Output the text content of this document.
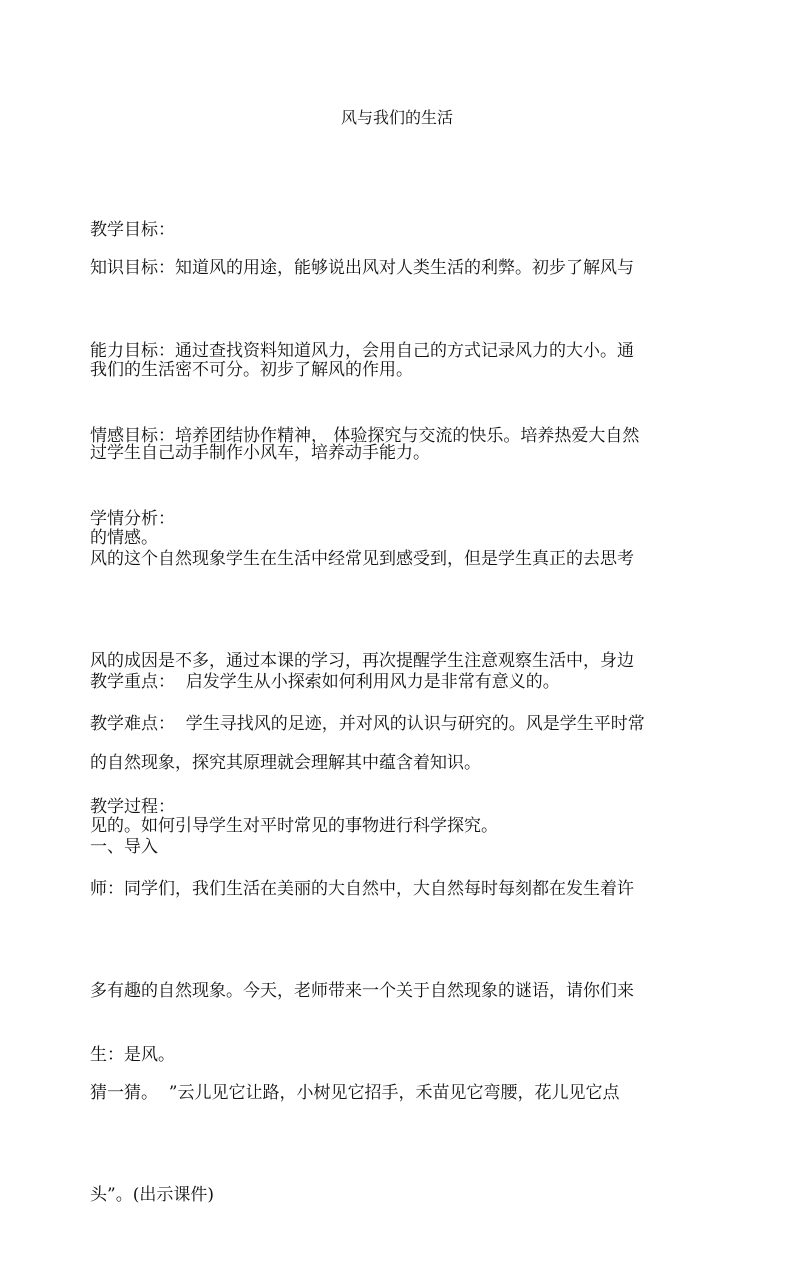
风与我们的生活

教学目标：

知识目标：知道风的用途，能够说出风对人类生活的利弊。初步了解风与

我们的生活密不可分。初步了解风的作用。

能力目标：通过查找资料知道风力，会用自己的方式记录风力的大小。通

过学生自己动手制作小风车，培养动手能力。

情感目标：培养团结协作精神， 体验探究与交流的快乐。培养热爱大自然

的情感。

学情分析：

风的这个自然现象学生在生活中经常见到感受到，但是学生真正的去思考

风的成因是不多，通过本课的学习，再次提醒学生注意观察生活中，身边

的自然现象，探究其原理就会理解其中蕴含着知识。

教学重点：  启发学生从小探索如何利用风力是非常有意义的。

教学难点：  学生寻找风的足迹，并对风的认识与研究的。风是学生平时常

见的。如何引导学生对平时常见的事物进行科学探究。

教学过程：

一、导入

师：同学们，我们生活在美丽的大自然中，大自然每时每刻都在发生着许

多有趣的自然现象。今天，老师带来一个关于自然现象的谜语，请你们来

猜一猜。  ”云儿见它让路，小树见它招手，禾苗见它弯腰，花儿见它点

头”。(出示课件)

生：是风。
